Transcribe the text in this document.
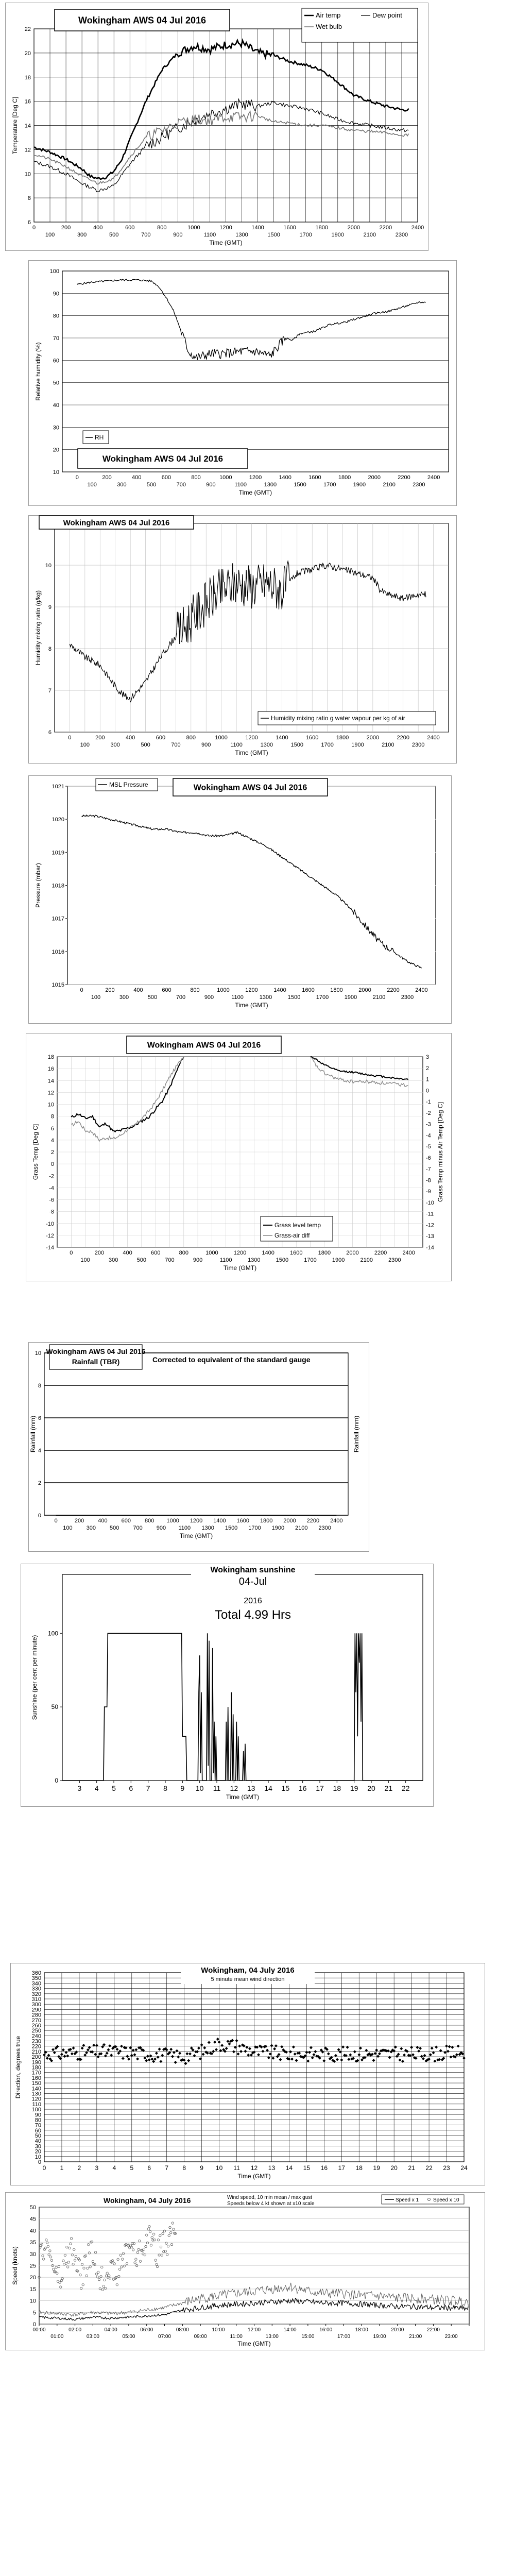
6
8
10
12
14
16
18
20
22
0
100
200
300
400
500
600
700
800
900
1000
1100
1200
1300
1400
1500
1600
1700
1800
1900
2000
2100
2200
2300
2400
Time (GMT)
Temperature [Deg C]
Wokingham AWS 04 Jul 2016	Air temp	Dew point
Wet bulb
10
20
30
40
50
60
70
80
90
100
0
100
200
300
400
500
600
700
800
900
1000
1100
1200
1300
1400
1500
1600
1700
1800
1900
2000
2100
2200
2300
2400
Time (GMT)
Relative humidity (%)
RH
Wokingham AWS 04 Jul 2016
6
7
8
9
10
0
100
200
300
400
500
600
700
800
900
1000
1100
1200
1300
1400
1500
1600
1700
1800
1900
2000
2100
2200
2300
2400
Time (GMT)
Humidity mixing ratio (g/kg)
Wokingham AWS 04 Jul 2016
Humidity mixing ratio g water vapour per kg of air
1015
1016
1017
1018
1019
1020
1021
0
100
200
300
400
500
600
700
800
900
1000
1100
1200
1300
1400
1500
1600
1700
1800
1900
2000
2100
2200
2300
2400
Time (GMT)
Pressure (mbar)
MSL Pressure	Wokingham AWS 04 Jul 2016
-14
-12
-10
-8
-6
-4
-2
0
2
4
6
8
10
12
14
16
18
-14
-13
-12
-11
-10
-9
-8
-7
-6
-5
-4
-3
-2
-1
0
1
2
3
0
100
200
300
400
500
600
700
800
900
1000
1100
1200
1300
1400
1500
1600
1700
1800
1900
2000
2100
2200
2300
2400
Time (GMT)
Grass Temp [Deg C]	Grass Temp minus Air Temp [Deg C]
Grass level temp
Grass-air diff
Wokingham AWS 04 Jul 2016
0
2
4
6
8
10
0
100
200
300
400
500
600
700
800
900
1000
1100
1200
1300
1400
1500
1600
1700
1800
1900
2000
2100
2200
2300
2400
Time (GMT)
Rainfall (mm)	Rainfall (mm)
Wokingham AWS 04 Jul 2016
Rainfall (TBR)	Corrected to equivalent of the standard gauge
0
50
100
3 4 5 6 7 8 9 10 11 12 13 14 15 16 17 18 19 20 21 22
Time (GMT)
Sunshine (per cent per minute)
Wokingham sunshine
04-Jul
2016
Total 4.99 Hrs
0
10
20
30
40
50
60
70
80
90
100
110
120
130
140
150
160
170
180
190
200
210
220
230
240
250
260
270
280
290
300
310
320
330
340
350
360
0 1 2 3 4 5 6 7 8 9 10 11 12 13 14 15 16 17 18 19 20 21 22 23 24
Time (GMT)
Direction, degrees true
Wokingham, 04 July 2016
5 minute mean wind direction
0
5
10
15
20
25
30
35
40
45
50
00:00	02:00	04:00	06:00	08:00	10:00	12:00	14:00	16:00	18:00	20:00	22:00
01:00	03:00	05:00	07:00	09:00	11:00	13:00	15:00	17:00	19:00	21:00	23:00
Time (GMT)
Speed (knots)
Wokingham, 04 July 2016	Wind speed, 10 min mean / max gust
Speeds below 4 kt shown at x10 scale
Speed x 1	Speed x 10
